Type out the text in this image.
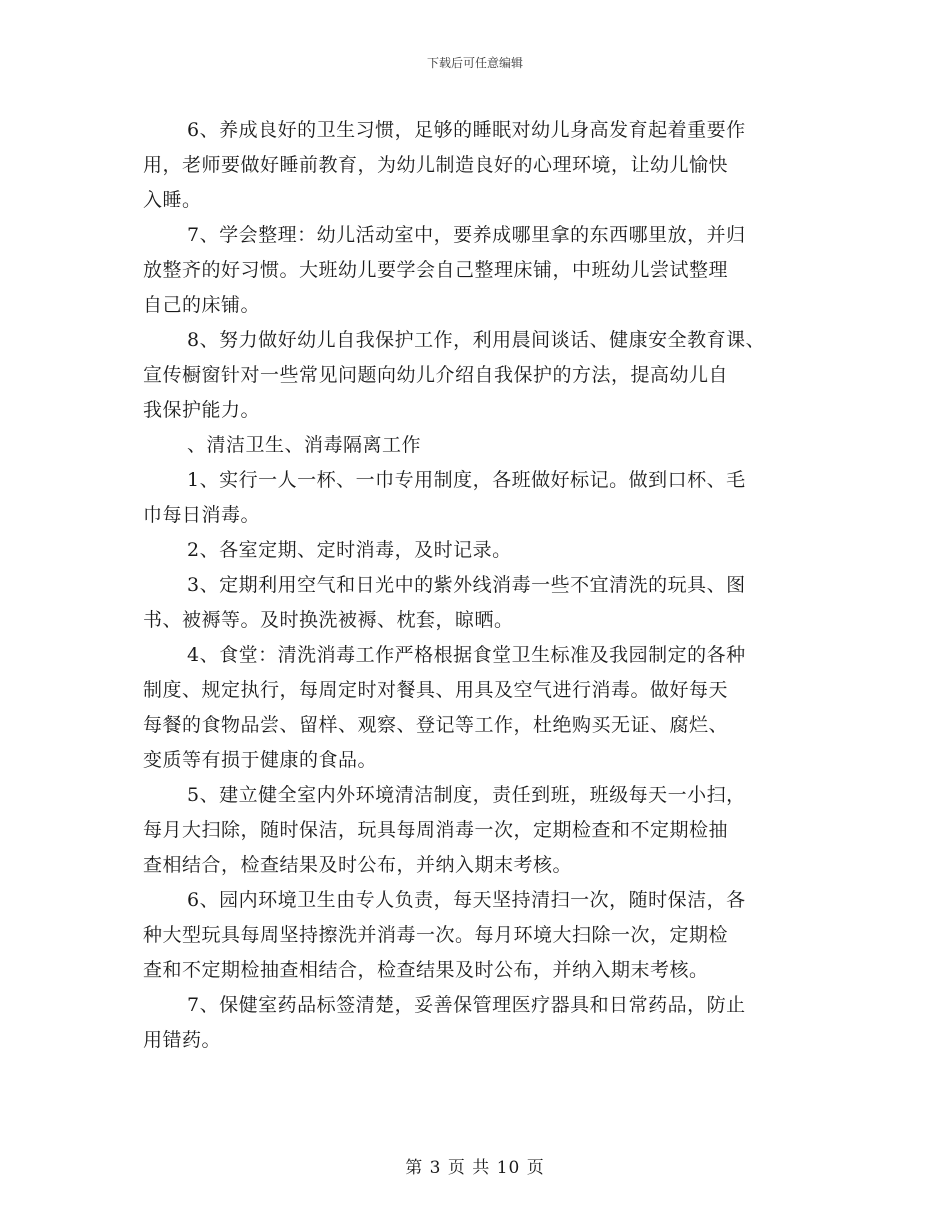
下载后可任意编辑

6、养成良好的卫生习惯，足够的睡眠对幼儿身高发育起着重要作
用，老师要做好睡前教育，为幼儿制造良好的心理环境，让幼儿愉快
入睡。

7、学会整理：幼儿活动室中，要养成哪里拿的东西哪里放，并归
放整齐的好习惯。大班幼儿要学会自己整理床铺，中班幼儿尝试整理
自己的床铺。

8、努力做好幼儿自我保护工作，利用晨间谈话、健康安全教育课、
宣传橱窗针对一些常见问题向幼儿介绍自我保护的方法，提高幼儿自
我保护能力。

、清洁卫生、消毒隔离工作

1、实行一人一杯、一巾专用制度，各班做好标记。做到口杯、毛
巾每日消毒。

2、各室定期、定时消毒，及时记录。

3、定期利用空气和日光中的紫外线消毒一些不宜清洗的玩具、图
书、被褥等。及时换洗被褥、枕套，晾晒。

4、食堂：清洗消毒工作严格根据食堂卫生标准及我园制定的各种
制度、规定执行，每周定时对餐具、用具及空气进行消毒。做好每天
每餐的食物品尝、留样、观察、登记等工作，杜绝购买无证、腐烂、
变质等有损于健康的食品。

5、建立健全室内外环境清洁制度，责任到班，班级每天一小扫，
每月大扫除，随时保洁，玩具每周消毒一次，定期检查和不定期检抽
查相结合，检查结果及时公布，并纳入期末考核。

6、园内环境卫生由专人负责，每天坚持清扫一次，随时保洁，各
种大型玩具每周坚持擦洗并消毒一次。每月环境大扫除一次，定期检
查和不定期检抽查相结合，检查结果及时公布，并纳入期末考核。

7、保健室药品标签清楚，妥善保管理医疗器具和日常药品，防止
用错药。

第 3 页 共 10 页
